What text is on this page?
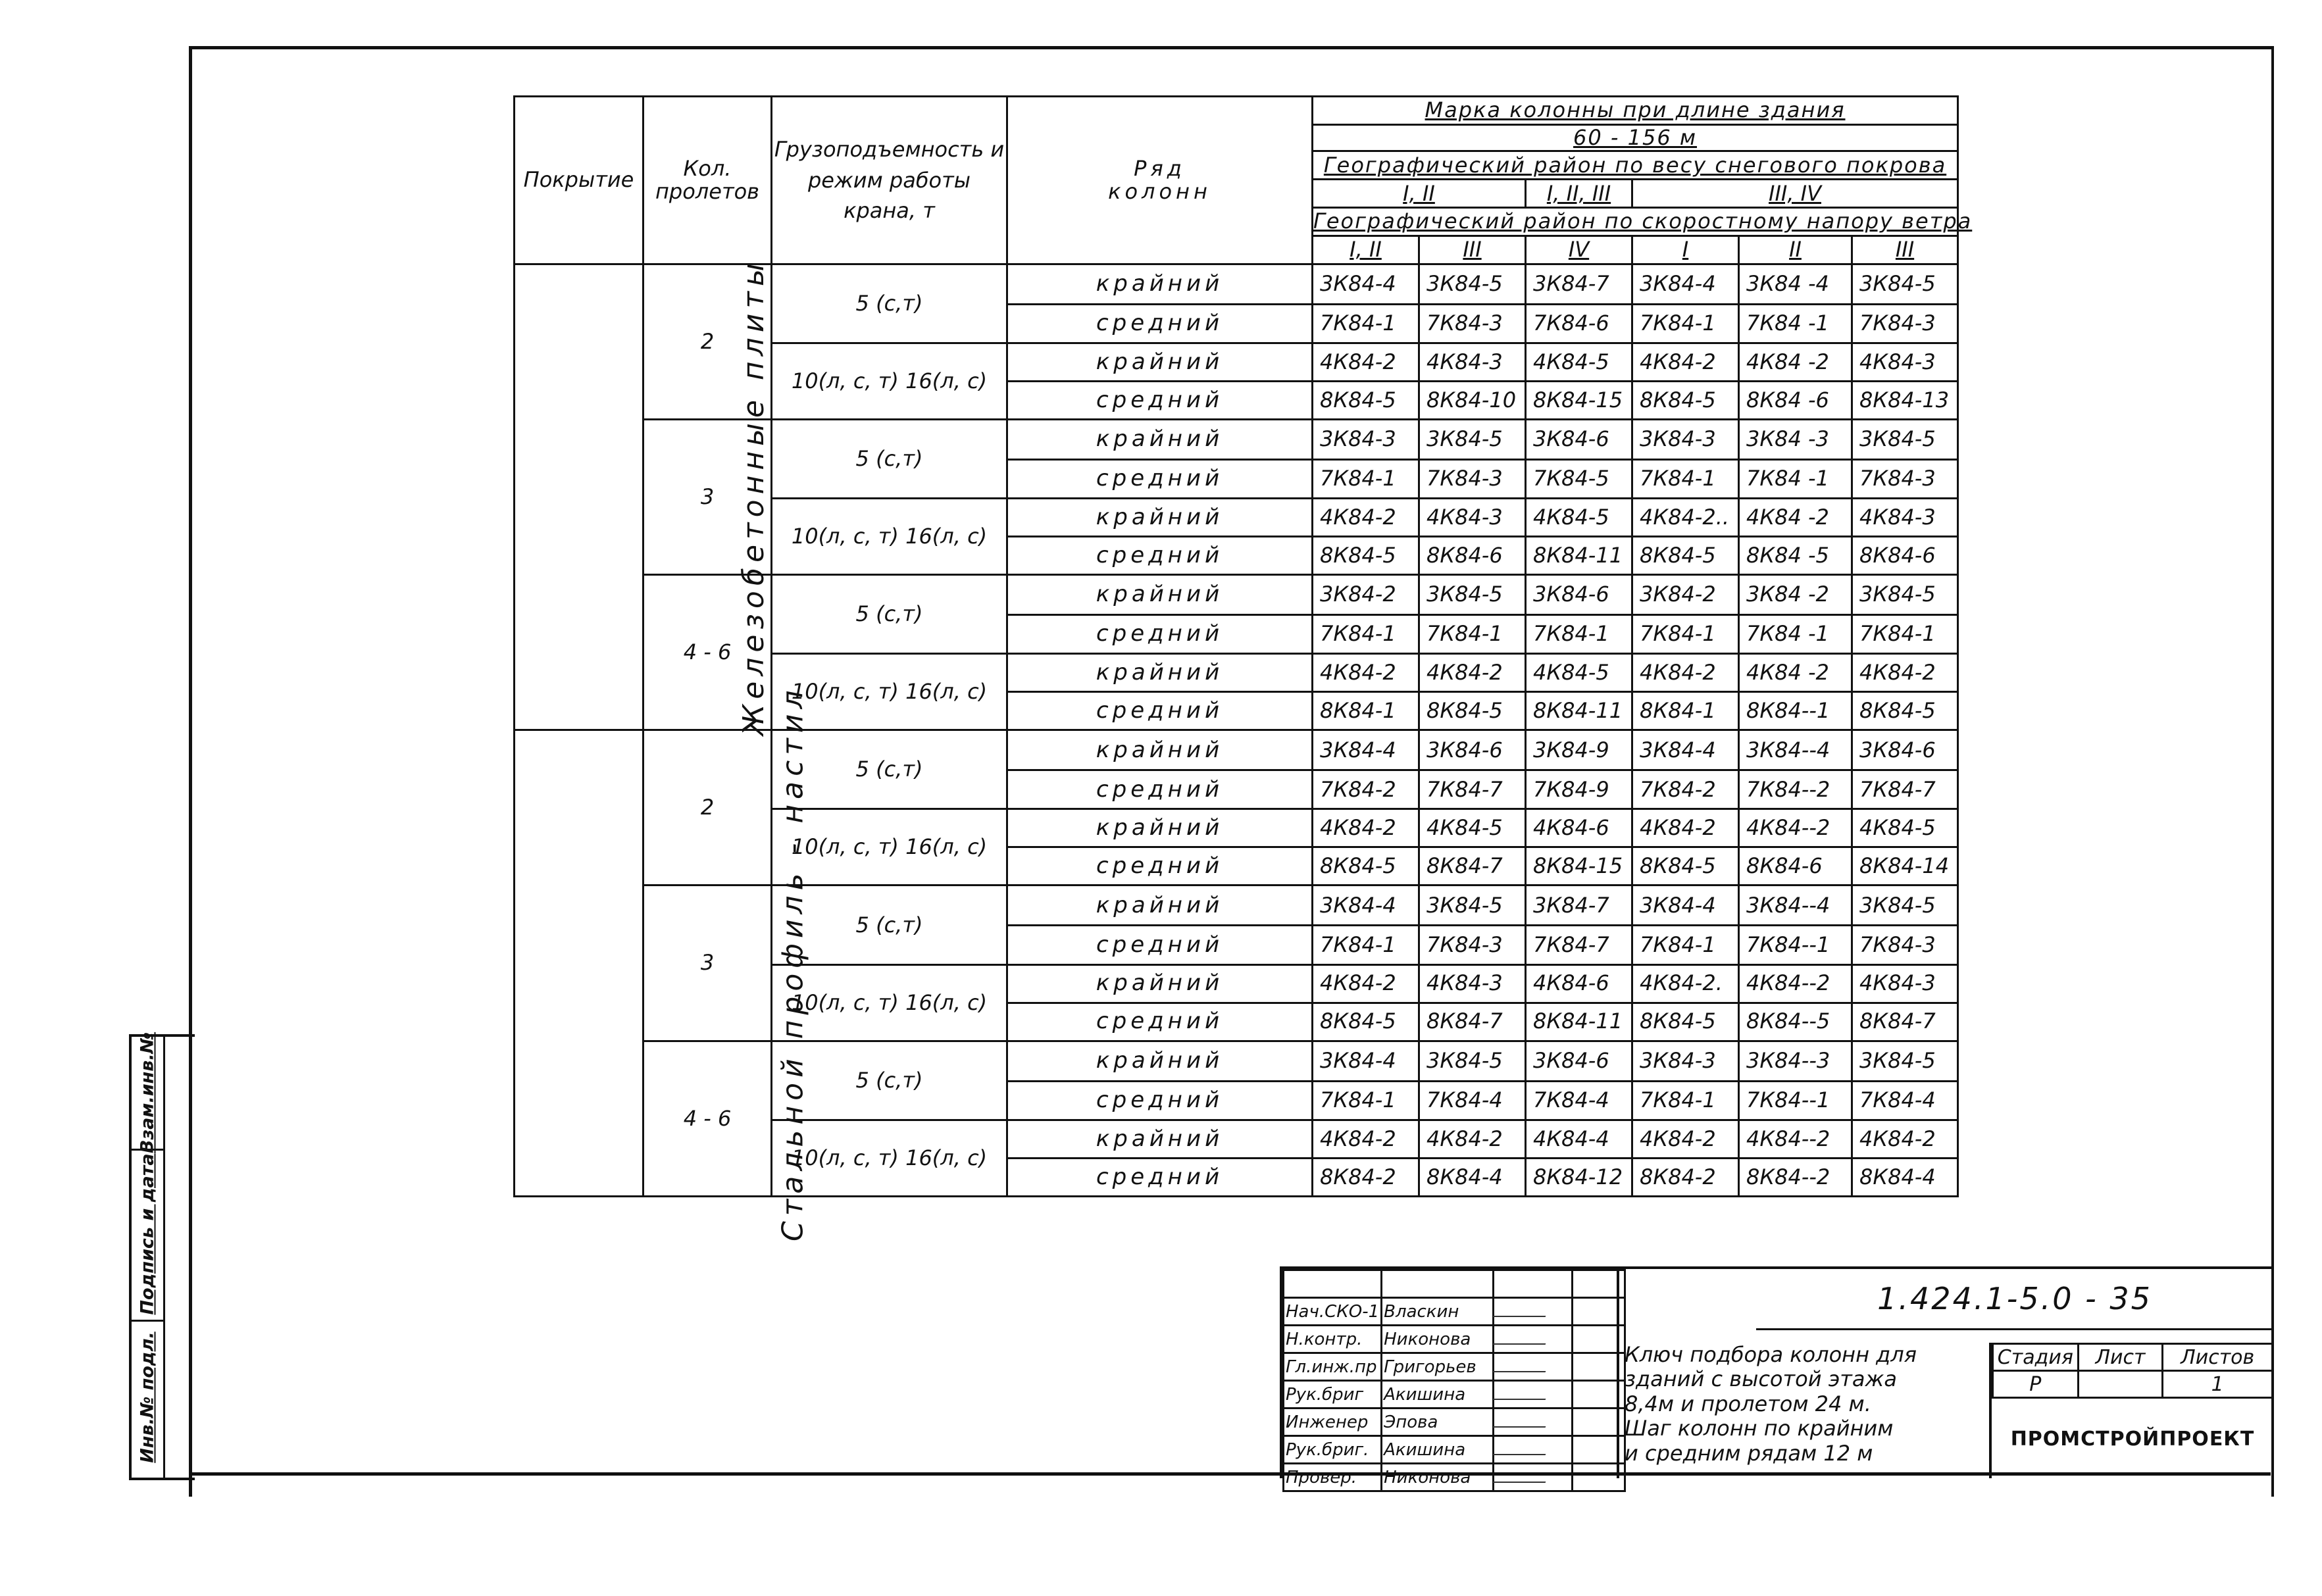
Взам.инв.№
Подпись и дата
Инв.№ подл.
Покрытие	Кол. пролетов	Грузоподъемность и режим работы крана, т	Ряд колонн	Марка колонны при длине здания					
				60 - 156 м					
				Географический район по весу снегового покрова					
				I, II		I, II, III	III, IV		
				Географический район по скоростному напору ветра					
				I, II	III	IV	I	II	III
Железобетонные плиты	2	5 (с,т)	крайний	3К84-4	3К84-5	3К84-7	3К84-4	3К84 -4	3К84-5
			средний	7К84-1	7К84-3	7К84-6	7К84-1	7К84 -1	7К84-3
		10(л, с, т) 16(л, с)	крайний	4К84-2	4К84-3	4К84-5	4К84-2	4К84 -2	4К84-3
			средний	8К84-5	8К84-10	8К84-15	8К84-5	8К84 -6	8К84-13
	3	5 (с,т)	крайний	3К84-3	3К84-5	3К84-6	3К84-3	3К84 -3	3К84-5
			средний	7К84-1	7К84-3	7К84-5	7К84-1	7К84 -1	7К84-3
		10(л, с, т) 16(л, с)	крайний	4К84-2	4К84-3	4К84-5	4К84-2..	4К84 -2	4К84-3
			средний	8К84-5	8К84-6	8К84-11	8К84-5	8К84 -5	8К84-6
	4 - 6	5 (с,т)	крайний	3К84-2	3К84-5	3К84-6	3К84-2	3К84 -2	3К84-5
			средний	7К84-1	7К84-1	7К84-1	7К84-1	7К84 -1	7К84-1
		10(л, с, т) 16(л, с)	крайний	4К84-2	4К84-2	4К84-5	4К84-2	4К84 -2	4К84-2
			средний	8К84-1	8К84-5	8К84-11	8К84-1	8К84--1	8К84-5
Стальной профиль - настил	2	5 (с,т)	крайний	3К84-4	3К84-6	3К84-9	3К84-4	3К84--4	3К84-6
			средний	7К84-2	7К84-7	7К84-9	7К84-2	7К84--2	7К84-7
		10(л, с, т) 16(л, с)	крайний	4К84-2	4К84-5	4К84-6	4К84-2	4К84--2	4К84-5
			средний	8К84-5	8К84-7	8К84-15	8К84-5	8К84-6	8К84-14
	3	5 (с,т)	крайний	3К84-4	3К84-5	3К84-7	3К84-4	3К84--4	3К84-5
			средний	7К84-1	7К84-3	7К84-7	7К84-1	7К84--1	7К84-3
		10(л, с, т) 16(л, с)	крайний	4К84-2	4К84-3	4К84-6	4К84-2.	4К84--2	4К84-3
			средний	8К84-5	8К84-7	8К84-11	8К84-5	8К84--5	8К84-7
	4 - 6	5 (с,т)	крайний	3К84-4	3К84-5	3К84-6	3К84-3	3К84--3	3К84-5
			средний	7К84-1	7К84-4	7К84-4	7К84-1	7К84--1	7К84-4
		10(л, с, т) 16(л, с)	крайний	4К84-2	4К84-2	4К84-4	4К84-2	4К84--2	4К84-2
			средний	8К84-2	8К84-4	8К84-12	8К84-2	8К84--2	8К84-4

Нач.СКО-1	Власкин		
Н.контр.	Никонова		
Гл.инж.пр	Григорьев		
Рук.бриг	Акишина		
Инженер	Эпова		
Рук.бриг.	Акишина		
Провер.	Никонова		
1.424.1-5.0 - 35
Ключ подбора колонн для
зданий с высотой этажа
8,4м и пролетом 24 м.
Шаг колонн по крайним
и средним рядам 12 м
Стадия	Лист	Листов
Р		1
ПРОМСТРОЙПРОЕКТ
